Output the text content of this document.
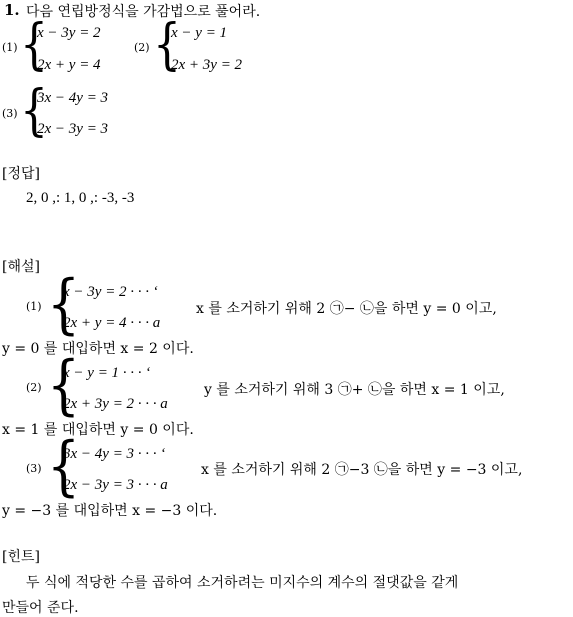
1. 다음 연립방정식을 가감법으로 풀어라.
(1) {
x − 3y = 2
2x + y = 4
(2) {
x − y = 1
2x + 3y = 2
(3) {
3x − 4y = 3
2x − 3y = 3
[정답]
2, 0 ,: 1, 0 ,: -3, -3
[해설]
(1) {
x − 3y = 2 · · · ‘
2x + y = 4 · · · a
x 를 소거하기 위해 2 ㉠− ㉡을 하면 y = 0 이고,
y = 0 를 대입하면 x = 2 이다.
(2) {
x − y = 1 · · · ‘
2x + 3y = 2 · · · a
y 를 소거하기 위해 3 ㉠+ ㉡을 하면 x = 1 이고,
x = 1 를 대입하면 y = 0 이다.
(3) {
3x − 4y = 3 · · · ‘
2x − 3y = 3 · · · a
x 를 소거하기 위해 2 ㉠−3 ㉡을 하면 y = −3 이고,
y = −3 를 대입하면 x = −3 이다.
[힌트]
두 식에 적당한 수를 곱하여 소거하려는 미지수의 계수의 절댓값을 같게
만들어 준다.
